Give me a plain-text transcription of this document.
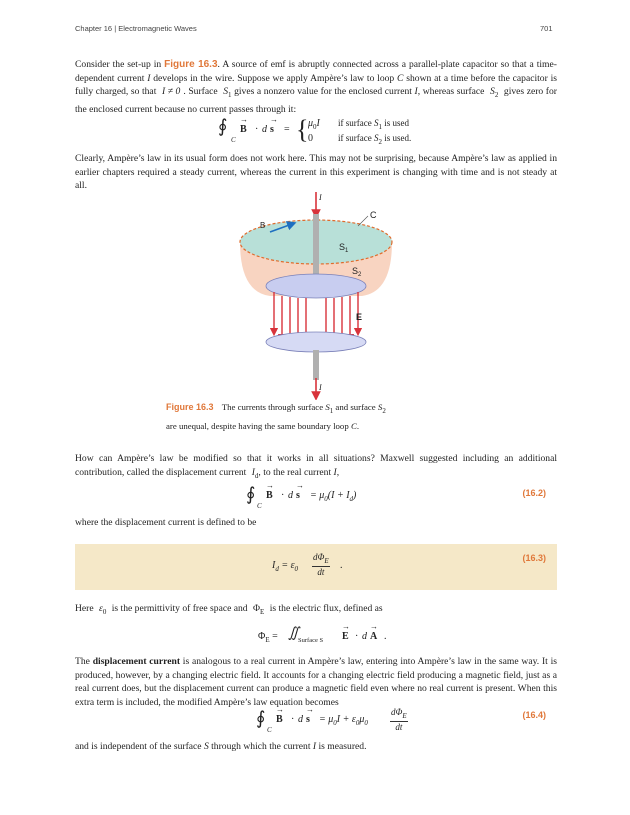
Chapter 16 | Electromagnetic Waves	701
Consider the set-up in Figure 16.3. A source of emf is abruptly connected across a parallel-plate capacitor so that a time-dependent current I develops in the wire. Suppose we apply Ampère’s law to loop C shown at a time before the capacitor is fully charged, so that I ≠ 0 . Surface $S_1$ gives a nonzero value for the enclosed current I, whereas surface $S_2$ gives zero for the enclosed current because no current passes through it:
∮
C
→ B · d
→ s = { $\mu_0I$ if surface $S_1$ is used
0	if surface $S_2$ is used.
Clearly, Ampère’s law in its usual form does not work here. This may not be surprising, because Ampère’s law as applied in earlier chapters required a steady current, whereas the current in this experiment is changing with time and is not steady at all.
I
B
C
$S_1$
$S_2$
E
I
Figure 16.3 The currents through surface $S_1$ and surface $S_2$
are unequal, despite having the same boundary loop C.
How can Ampère’s law be modified so that it works in all situations? Maxwell suggested including an additional contribution, called the displacement current $I_d$, to the real current I,
∮
C
→ B · d
→ $s = \mu_0(I + I_d)$	(16.2)
where the displacement current is defined to be
$I_d = \varepsilon_0$
$d\Phi_E$
dt
.
(16.3)
Here $\varepsilon_0$ is the permittivity of free space and $\Phi_E$ is the electric flux, defined as
$\Phi_E$ = ∬
Surface S
→ E · d
→ A .
The displacement current is analogous to a real current in Ampère’s law, entering into Ampère’s law in the same way. It is produced, however, by a changing electric field. It accounts for a changing electric field producing a magnetic field, just as a real current does, but the displacement current can produce a magnetic field even where no real current is present. When this extra term is included, the modified Ampère’s law equation becomes
∮
C
→ B · d
→ $s = \mu_0I + \varepsilon_0\mu_0$
$d\Phi_E$
dt
(16.4)
and is independent of the surface S through which the current I is measured.
